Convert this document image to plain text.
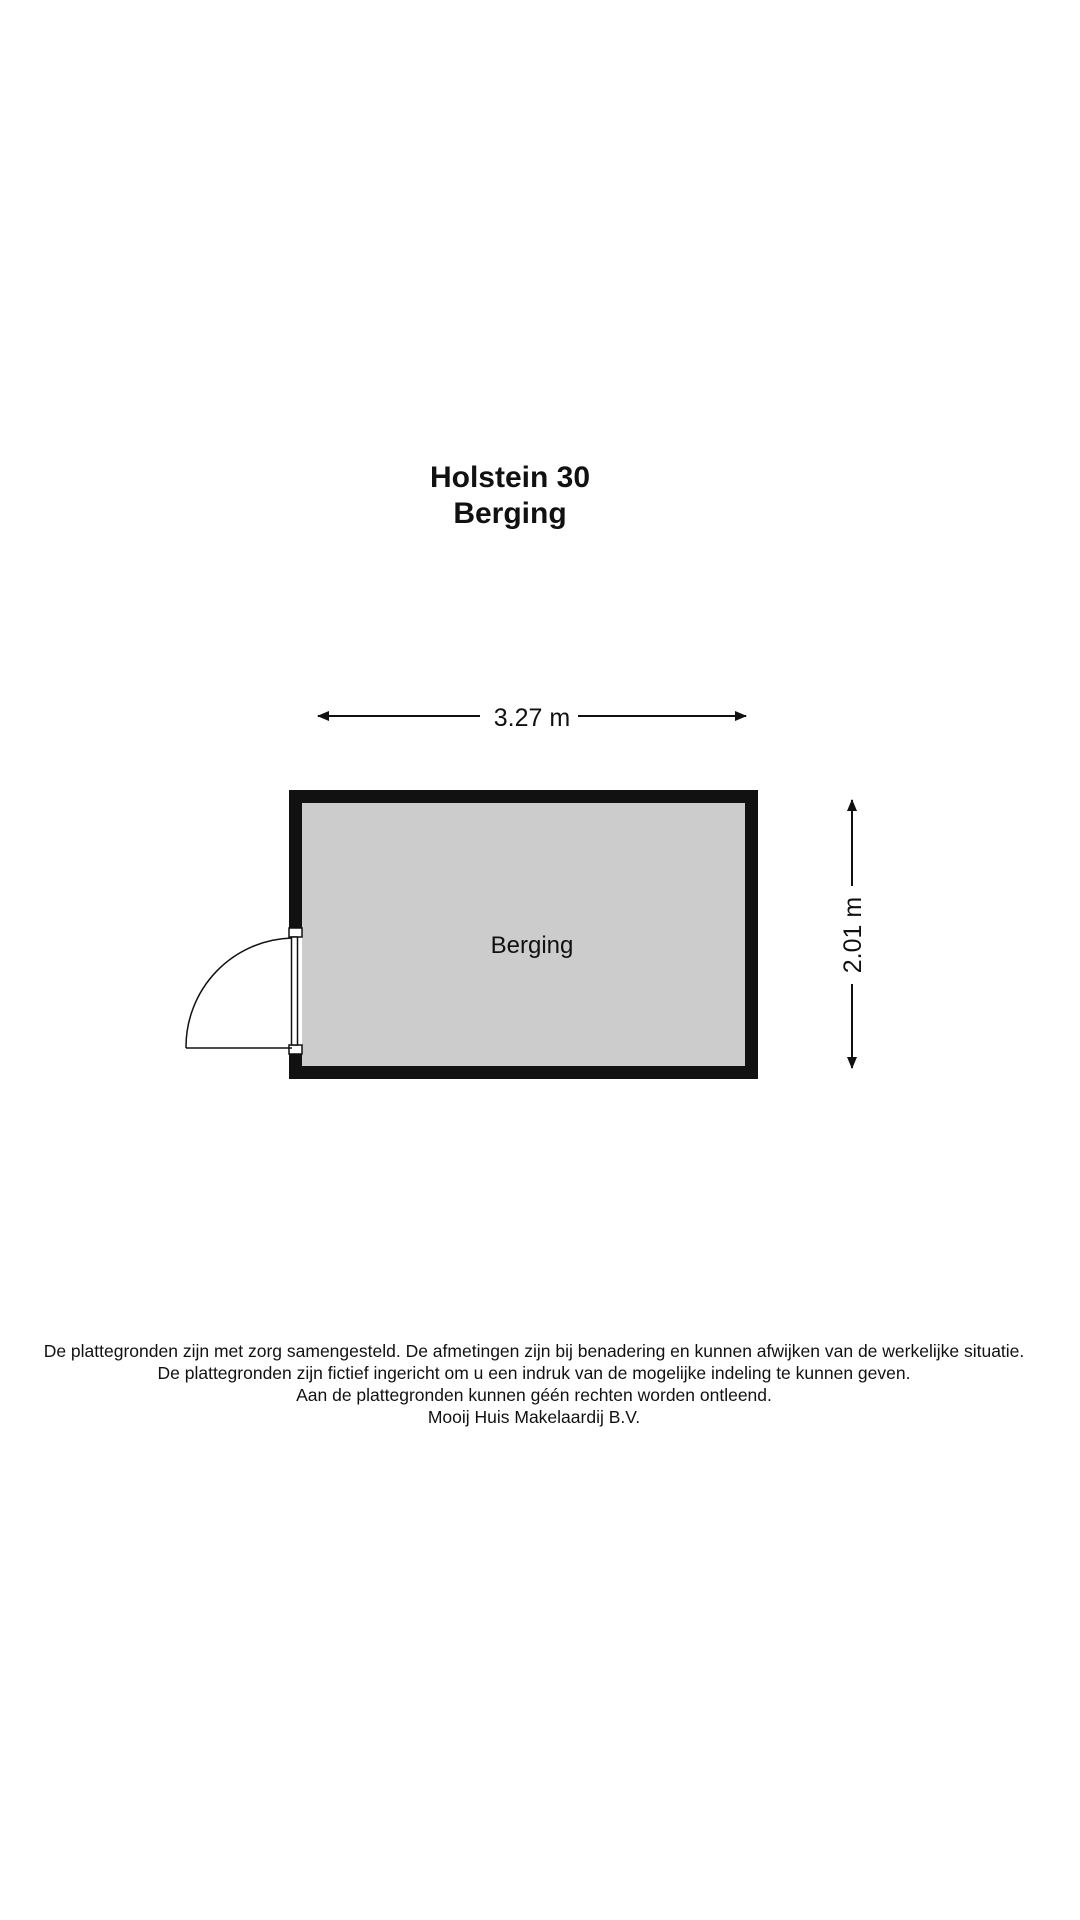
Holstein 30
Berging
3.27 m
Berging	2.01 m
De plattegronden zijn met zorg samengesteld. De afmetingen zijn bij benadering en kunnen afwijken van de werkelijke situatie.
De plattegronden zijn fictief ingericht om u een indruk van de mogelijke indeling te kunnen geven.
Aan de plattegronden kunnen géén rechten worden ontleend.
Mooij Huis Makelaardij B.V.
